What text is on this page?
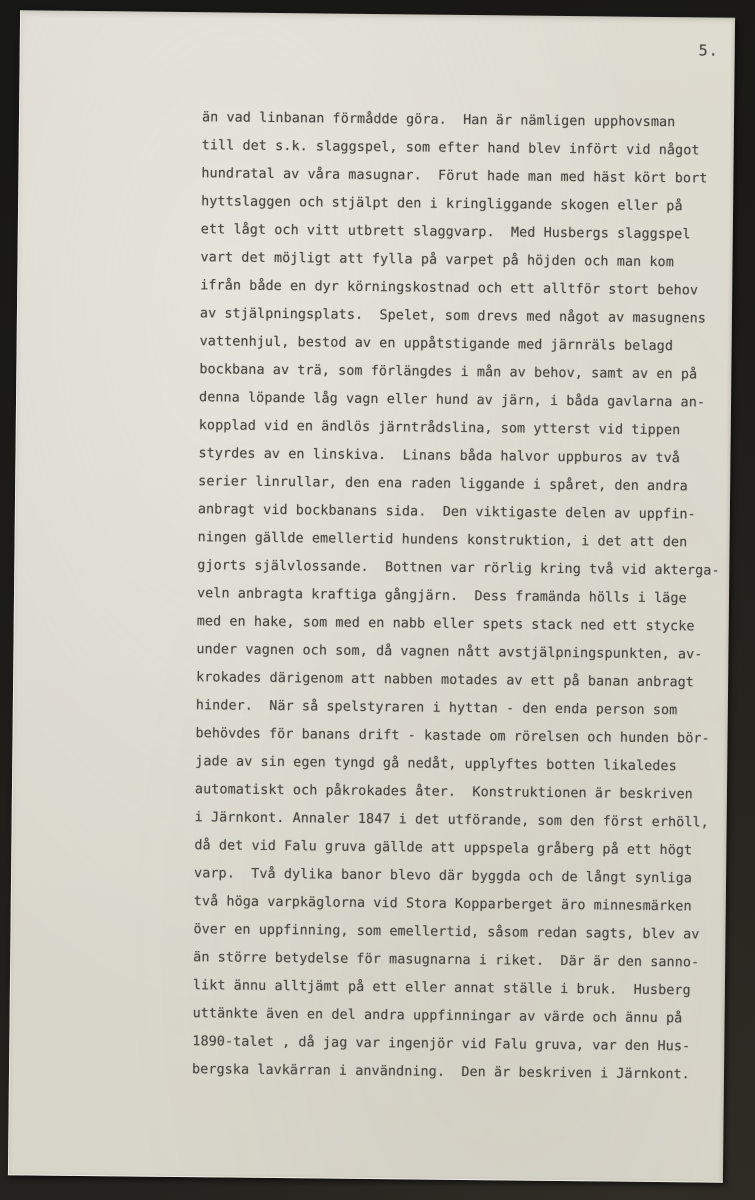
5.
än vad linbanan förmådde göra.  Han är nämligen upphovsman
till det s.k. slaggspel, som efter hand blev infört vid något
hundratal av våra masugnar.  Förut hade man med häst kört bort
hyttslaggen och stjälpt den i kringliggande skogen eller på
ett lågt och vitt utbrett slaggvarp.  Med Husbergs slaggspel
vart det möjligt att fylla på varpet på höjden och man kom
ifrån både en dyr körningskostnad och ett alltför stort behov
av stjälpningsplats.  Spelet, som drevs med något av masugnens
vattenhjul, bestod av en uppåtstigande med järnräls belagd
bockbana av trä, som förlängdes i mån av behov, samt av en på
denna löpande låg vagn eller hund av järn, i båda gavlarna an-
kopplad vid en ändlös järntrådslina, som ytterst vid tippen
styrdes av en linskiva.  Linans båda halvor uppburos av två
serier linrullar, den ena raden liggande i spåret, den andra
anbragt vid bockbanans sida.  Den viktigaste delen av uppfin-
ningen gällde emellertid hundens konstruktion, i det att den
gjorts självlossande.  Bottnen var rörlig kring två vid akterga-
veln anbragta kraftiga gångjärn.  Dess framända hölls i läge
med en hake, som med en nabb eller spets stack ned ett stycke
under vagnen och som, då vagnen nått avstjälpningspunkten, av-
krokades därigenom att nabben motades av ett på banan anbragt
hinder.  När så spelstyraren i hyttan - den enda person som
behövdes för banans drift - kastade om rörelsen och hunden bör-
jade av sin egen tyngd gå nedåt, upplyftes botten likaledes
automatiskt och påkrokades åter.  Konstruktionen är beskriven
i Järnkont. Annaler 1847 i det utförande, som den först erhöll,
då det vid Falu gruva gällde att uppspela gråberg på ett högt
varp.  Två dylika banor blevo där byggda och de långt synliga
två höga varpkäglorna vid Stora Kopparberget äro minnesmärken
över en uppfinning, som emellertid, såsom redan sagts, blev av
än större betydelse för masugnarna i riket.  Där är den sanno-
likt ännu alltjämt på ett eller annat ställe i bruk.  Husberg
uttänkte även en del andra uppfinningar av värde och ännu på
1890-talet , då jag var ingenjör vid Falu gruva, var den Hus-
bergska lavkärran i användning.  Den är beskriven i Järnkont.
